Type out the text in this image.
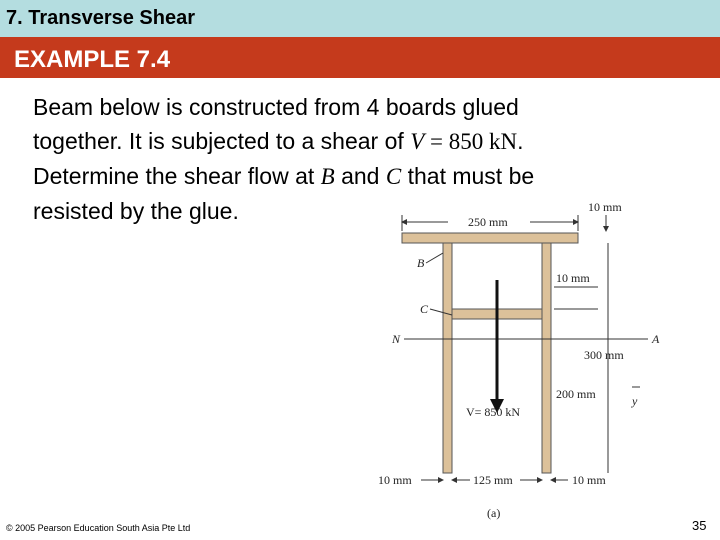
7. Transverse Shear
EXAMPLE 7.4
Beam below is constructed from 4 boards glued
together. It is subjected to a shear of V = 850 kN.
Determine the shear flow at B and C that must be
resisted by the glue.	250 mm
10 mm
B
C
10 mm
N	A
300 mm
200 mm	y
V= 850 kN
10 mm	125 mm	10 mm
(a)
© 2005 Pearson Education South Asia Pte Ltd	35
